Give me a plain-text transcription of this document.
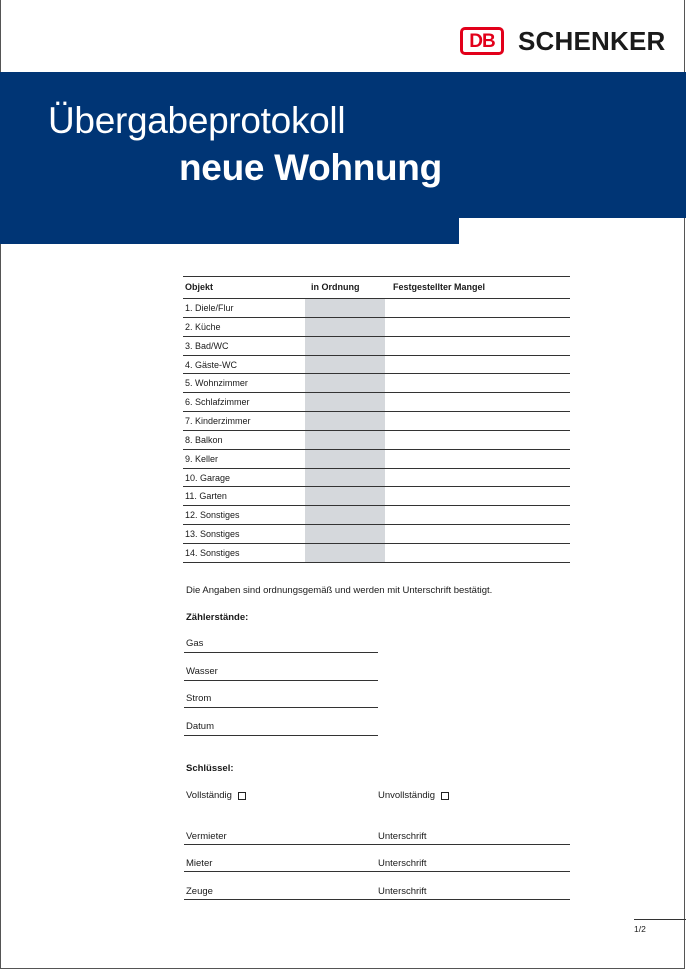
DB SCHENKER
Übergabeprotokoll
neue Wohnung
Objekt	in Ordnung	Festgestellter Mangel
1. Diele/Flur
2. Küche
3. Bad/WC
4. Gäste-WC
5. Wohnzimmer
6. Schlafzimmer
7. Kinderzimmer
8. Balkon
9. Keller
10. Garage
11. Garten
12. Sonstiges
13. Sonstiges
14. Sonstiges
Die Angaben sind ordnungsgemäß und werden mit Unterschrift bestätigt.
Zählerstände:
Gas
Wasser
Strom
Datum
Schlüssel:
Vollständig	Unvollständig
Vermieter	Unterschrift
Mieter	Unterschrift
Zeuge	Unterschrift
1/2
